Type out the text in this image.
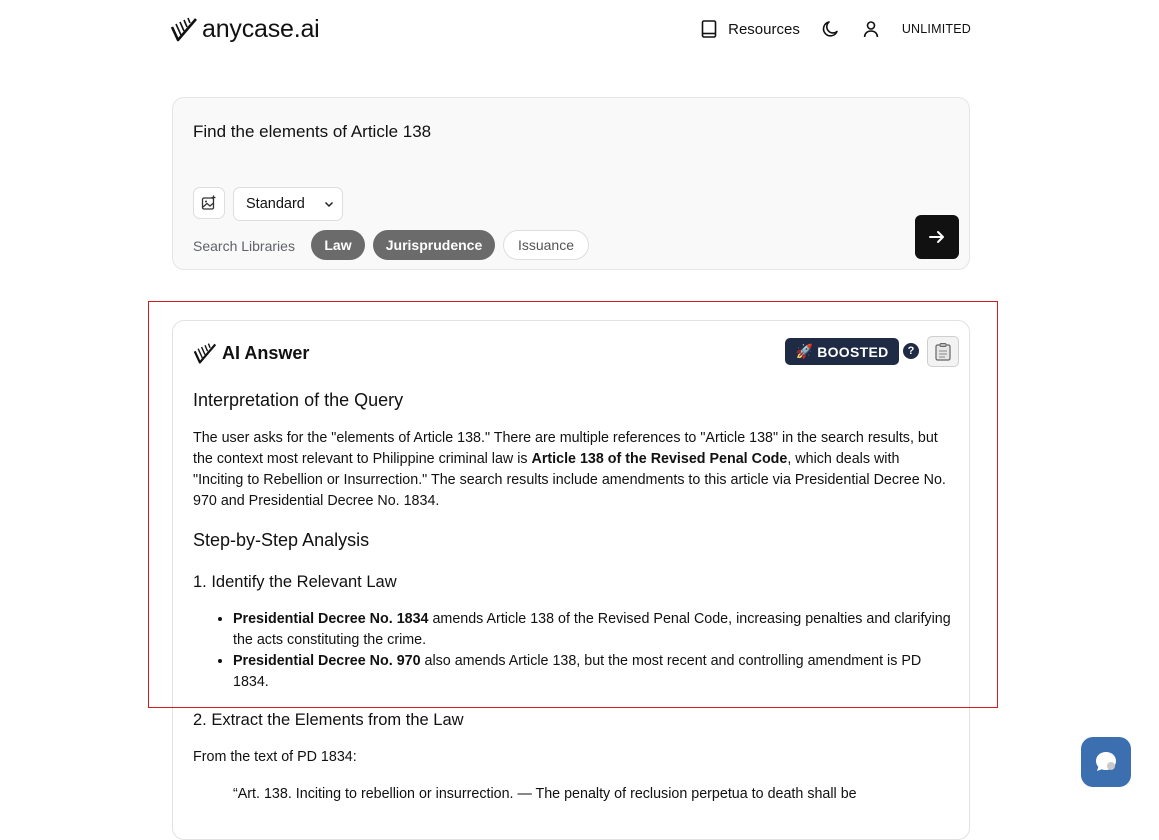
anycase.ai	Resources	UNLIMITED
Find the elements of Article 138
Standard
Search Libraries	Law	Jurisprudence	Issuance
AI Answer	🚀 BOOSTED	?
Interpretation of the Query
The user asks for the "elements of Article 138." There are multiple references to "Article 138" in the search results, but the context most relevant to Philippine criminal law is Article 138 of the Revised Penal Code, which deals with "Inciting to Rebellion or Insurrection." The search results include amendments to this article via Presidential Decree No. 970 and Presidential Decree No. 1834.
Step-by-Step Analysis
1. Identify the Relevant Law
• Presidential Decree No. 1834 amends Article 138 of the Revised Penal Code, increasing penalties and clarifying the acts constituting the crime.
• Presidential Decree No. 970 also amends Article 138, but the most recent and controlling amendment is PD 1834.
2. Extract the Elements from the Law
From the text of PD 1834:
“Art. 138. Inciting to rebellion or insurrection. — The penalty of reclusion perpetua to death shall be
